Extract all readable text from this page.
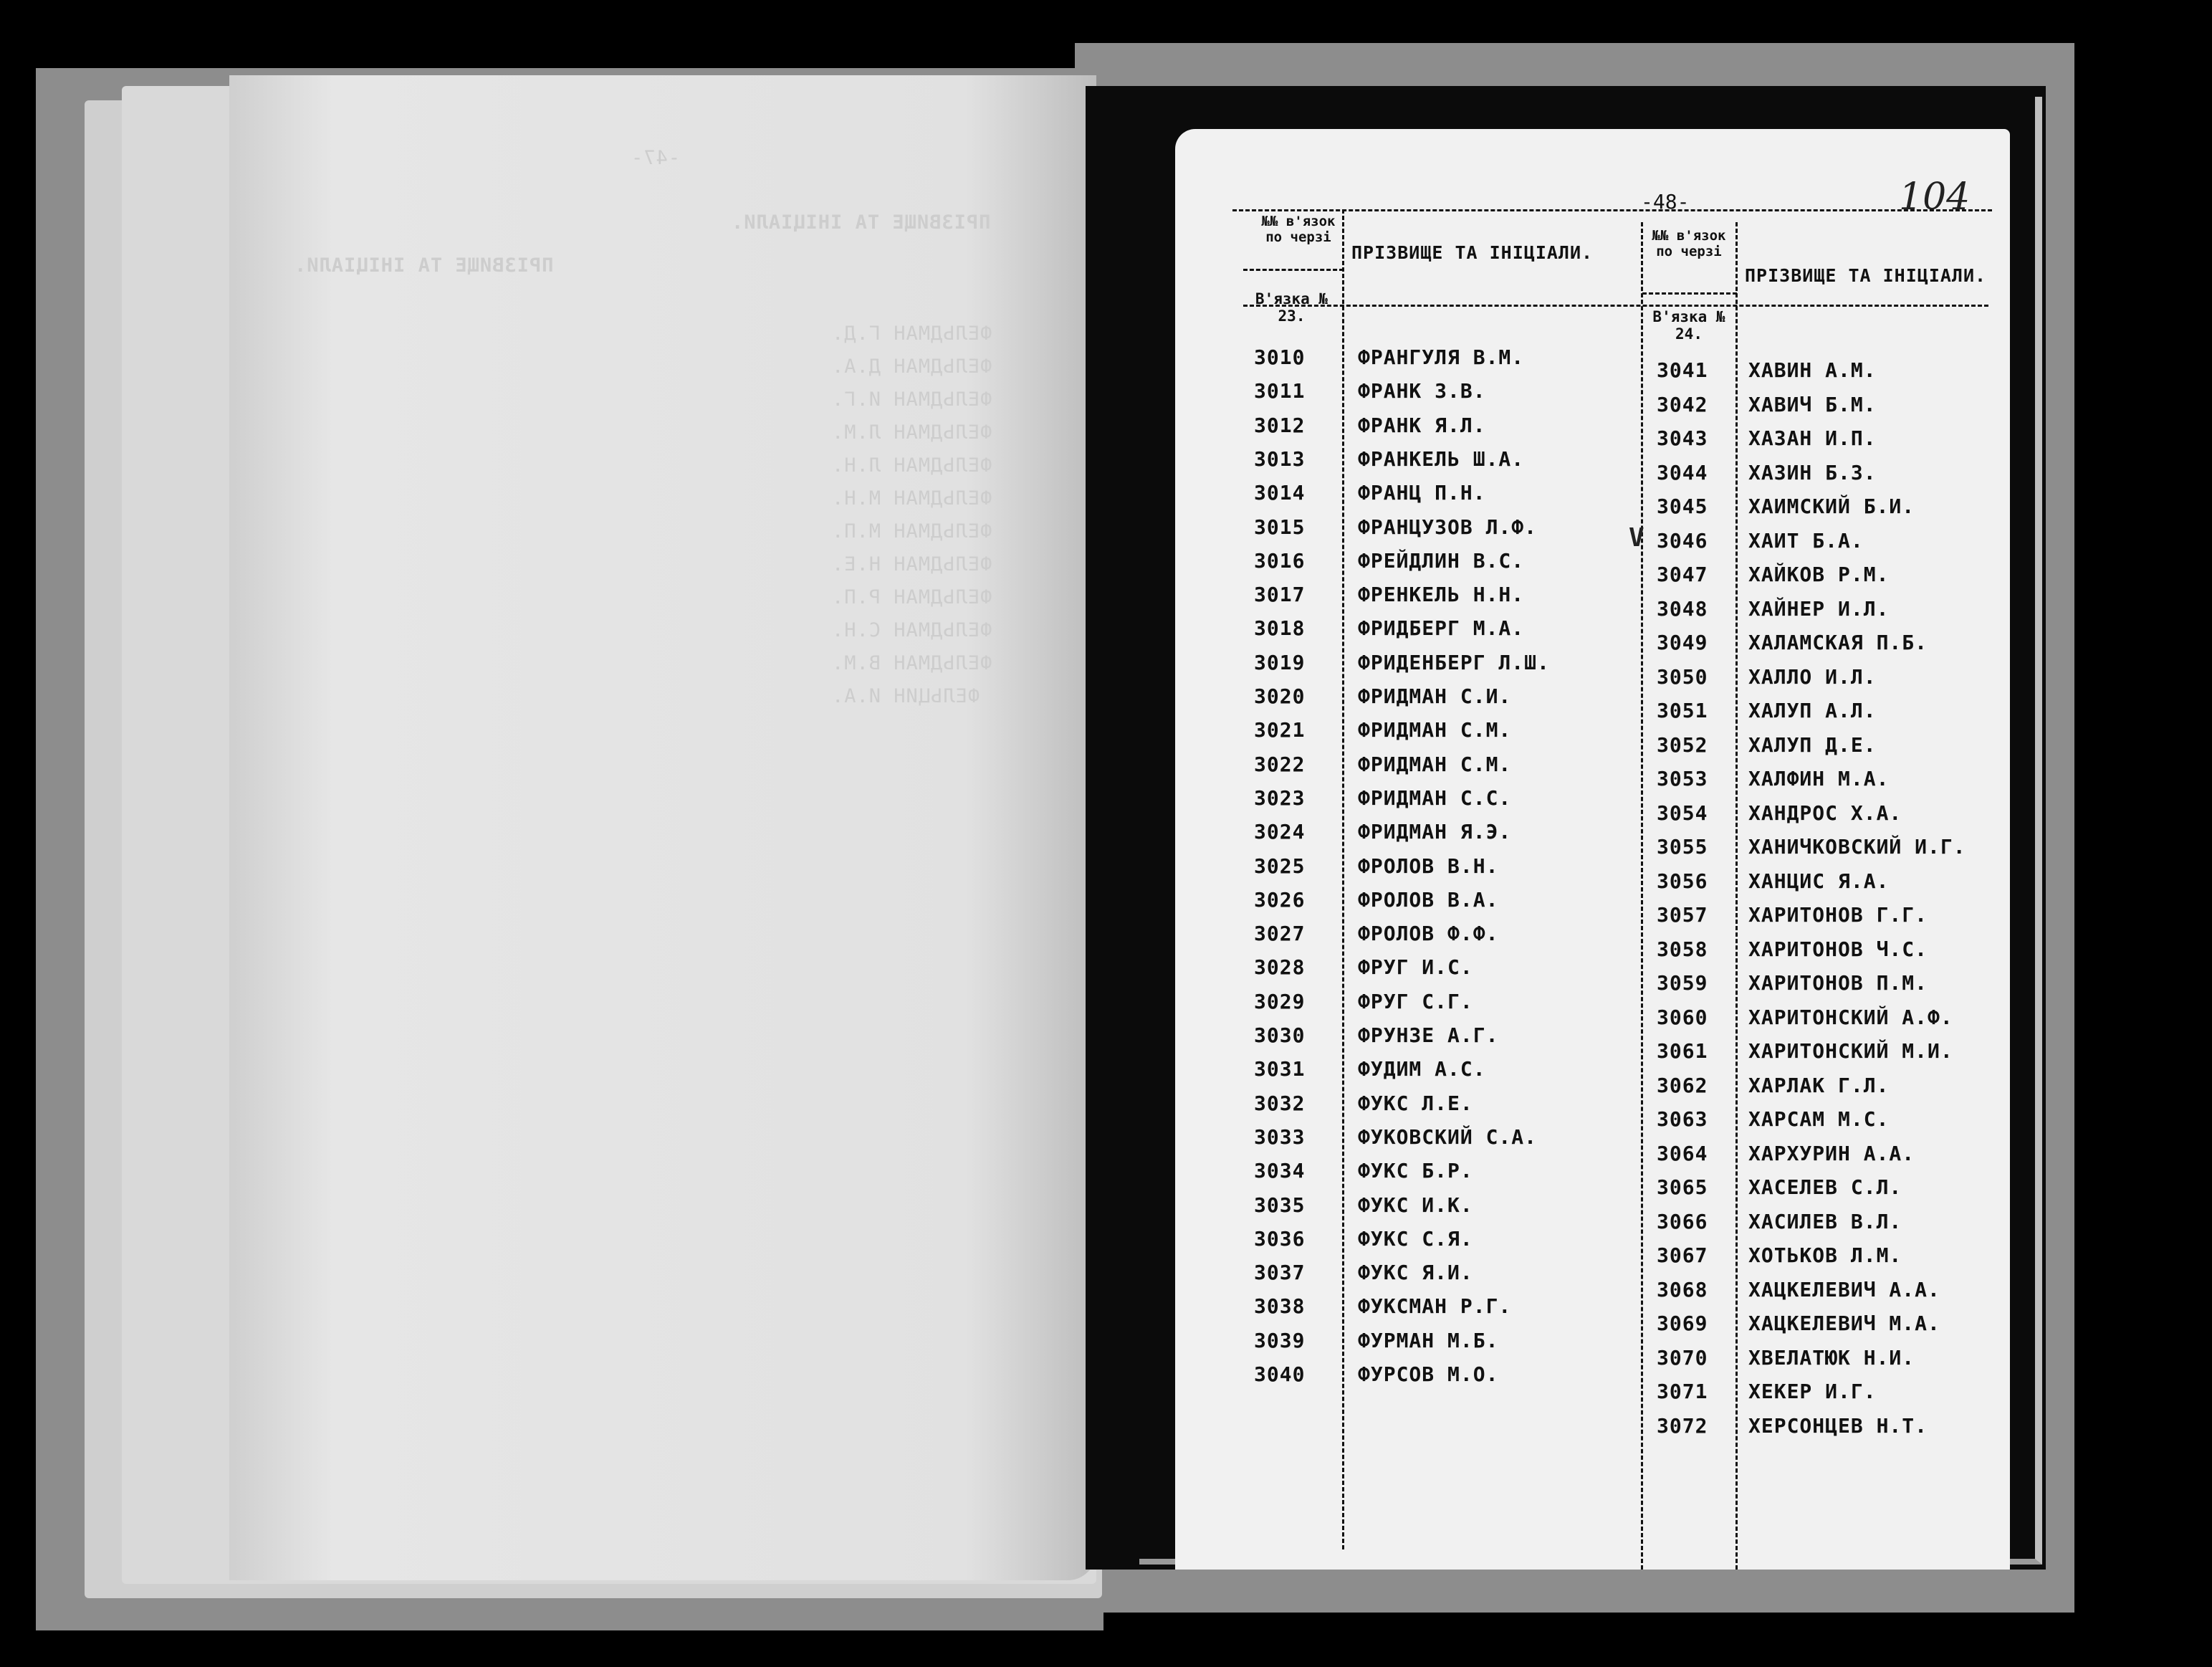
-47-
ПРІЗВИЩЕ ТА ІНІЦІАЛИ.
ПРІЗВИЩЕ ТА ІНІЦІАЛИ.
ФЕЛЬДМАН Г.Д.
ФЕЛЬДМАН Д.А.
ФЕЛЬДМАН И.Г.
ФЕЛЬДМАН Л.М.
ФЕЛЬДМАН Л.Н.
ФЕЛЬДМАН М.Н.
ФЕЛЬДМАН М.П.
ФЕЛЬДМАН Н.Е.
ФЕЛЬДМАН Р.П.
ФЕЛЬДМАН С.Н.
ФЕЛЬДМАН В.М.
ФЕЛЬЦИН И.А.
-48-	104
№№ в'язок по черзі
ПРІЗВИЩЕ ТА ІНІЦІАЛИ.
В'язка № 23.
№№ в'язок по черзі
ПРІЗВИЩЕ ТА ІНІЦІАЛИ.
В'язка № 24.
V
3010	ФРАНГУЛЯ В.М.
3011	ФРАНК З.В.
3012	ФРАНК Я.Л.
3013	ФРАНКЕЛЬ Ш.А.
3014	ФРАНЦ П.Н.
3015	ФРАНЦУЗОВ Л.Ф.
3016	ФРЕЙДЛИН В.С.
3017	ФРЕНКЕЛЬ Н.Н.
3018	ФРИДБЕРГ М.А.
3019	ФРИДЕНБЕРГ Л.Ш.
3020	ФРИДМАН С.И.
3021	ФРИДМАН С.М.
3022	ФРИДМАН С.М.
3023	ФРИДМАН С.С.
3024	ФРИДМАН Я.Э.
3025	ФРОЛОВ В.Н.
3026	ФРОЛОВ В.А.
3027	ФРОЛОВ Ф.Ф.
3028	ФРУГ И.С.
3029	ФРУГ С.Г.
3030	ФРУНЗЕ А.Г.
3031	ФУДИМ А.С.
3032	ФУКС Л.Е.
3033	ФУКОВСКИЙ С.А.
3034	ФУКС Б.Р.
3035	ФУКС И.К.
3036	ФУКС С.Я.
3037	ФУКС Я.И.
3038	ФУКСМАН Р.Г.
3039	ФУРМАН М.Б.
3040	ФУРСОВ М.О.
3041 ХАВИН А.М.
3042 ХАВИЧ Б.М.
3043 ХАЗАН И.П.
3044 ХАЗИН Б.З.
3045 ХАИМСКИЙ Б.И.
3046 ХАИТ Б.А.
3047 ХАЙКОВ Р.М.
3048 ХАЙНЕР И.Л.
3049 ХАЛАМСКАЯ П.Б.
3050 ХАЛЛО И.Л.
3051 ХАЛУП А.Л.
3052 ХАЛУП Д.Е.
3053 ХАЛФИН М.А.
3054 ХАНДРОС Х.А.
3055 ХАНИЧКОВСКИЙ И.Г.
3056 ХАНЦИС Я.А.
3057 ХАРИТОНОВ Г.Г.
3058 ХАРИТОНОВ Ч.С.
3059 ХАРИТОНОВ П.М.
3060 ХАРИТОНСКИЙ А.Ф.
3061 ХАРИТОНСКИЙ М.И.
3062 ХАРЛАК Г.Л.
3063 ХАРСАМ М.С.
3064 ХАРХУРИН А.А.
3065 ХАСЕЛЕВ С.Л.
3066 ХАСИЛЕВ В.Л.
3067 ХОТЬКОВ Л.М.
3068 ХАЦКЕЛЕВИЧ А.А.
3069 ХАЦКЕЛЕВИЧ М.А.
3070 ХВЕЛАТЮК Н.И.
3071 ХЕКЕР И.Г.
3072 ХЕРСОНЦЕВ Н.Т.
